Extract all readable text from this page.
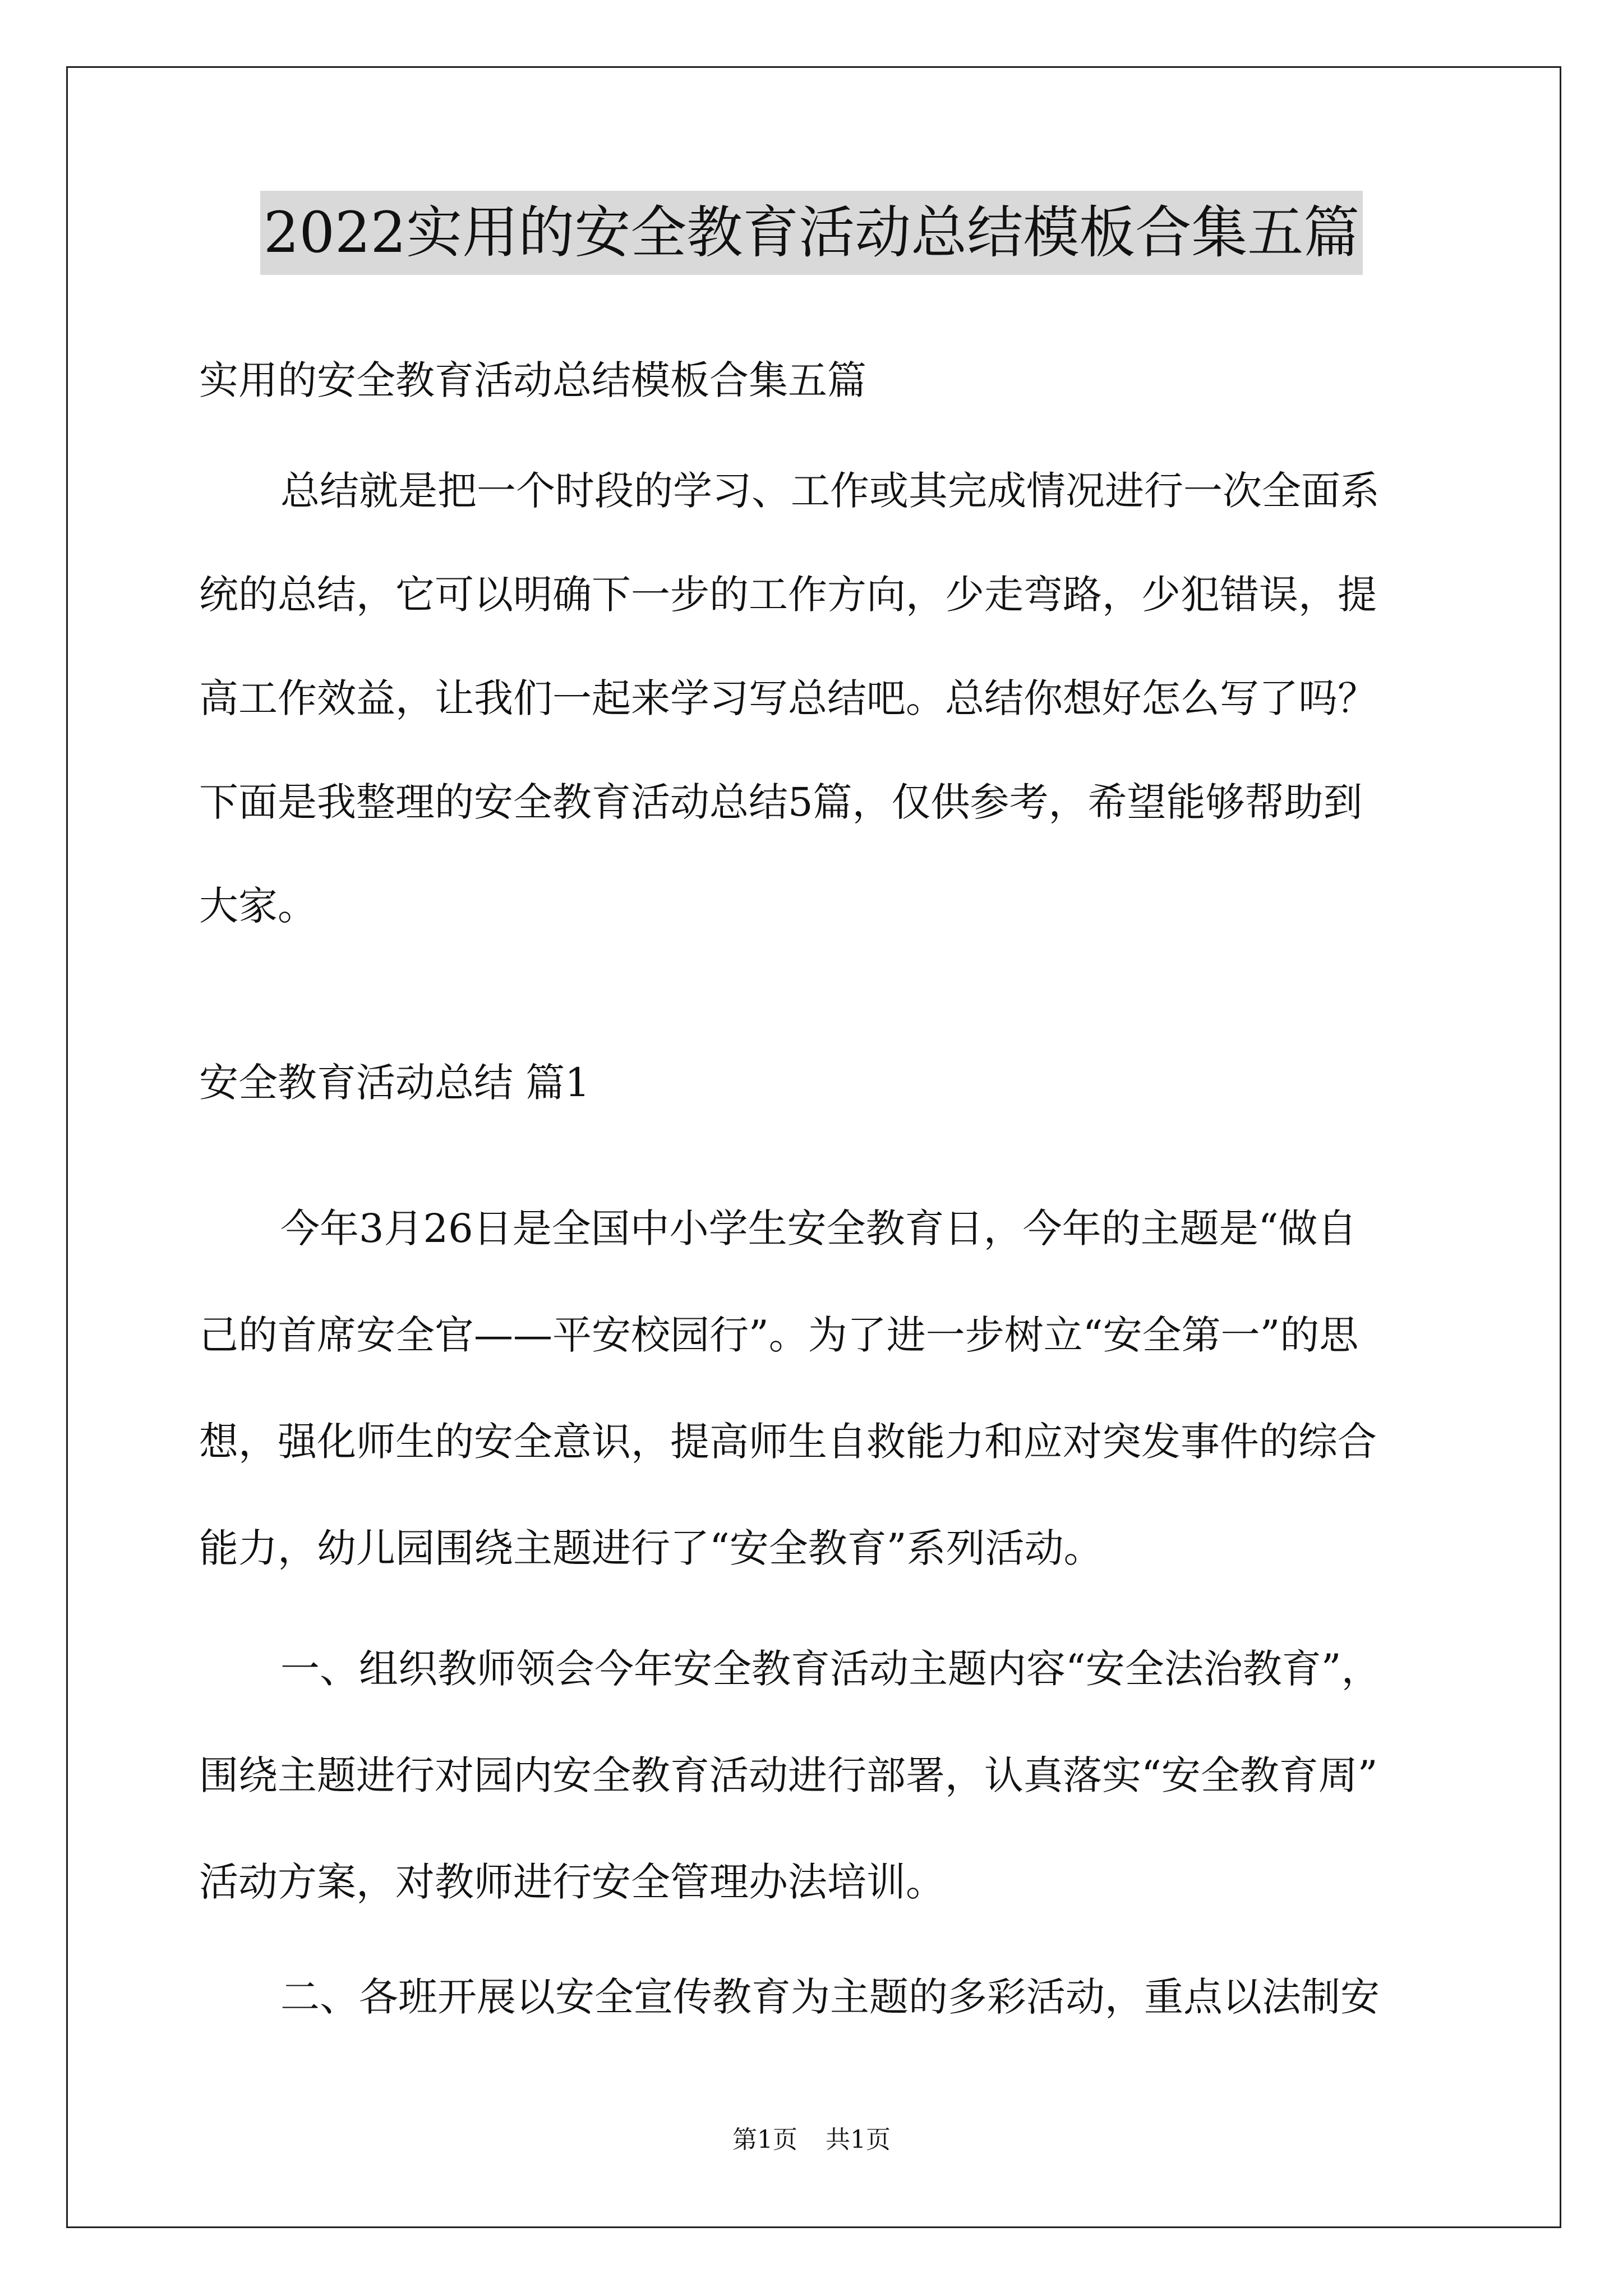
2022实用的安全教育活动总结模板合集五篇
实用的安全教育活动总结模板合集五篇
总结就是把一个时段的学习、工作或其完成情况进行一次全面系
统的总结，它可以明确下一步的工作方向，少走弯路，少犯错误，提
高工作效益，让我们一起来学习写总结吧。总结你想好怎么写了吗？
下面是我整理的安全教育活动总结5篇，仅供参考，希望能够帮助到
大家。
安全教育活动总结 篇1
今年3月26日是全国中小学生安全教育日，今年的主题是“做自
己的首席安全官——平安校园行”。为了进一步树立“安全第一”的思
想，强化师生的安全意识，提高师生自救能力和应对突发事件的综合
能力，幼儿园围绕主题进行了“安全教育”系列活动。
一、组织教师领会今年安全教育活动主题内容“安全法治教育”，
围绕主题进行对园内安全教育活动进行部署，认真落实“安全教育周”
活动方案，对教师进行安全管理办法培训。
二、各班开展以安全宣传教育为主题的多彩活动，重点以法制安
第1页 共1页
